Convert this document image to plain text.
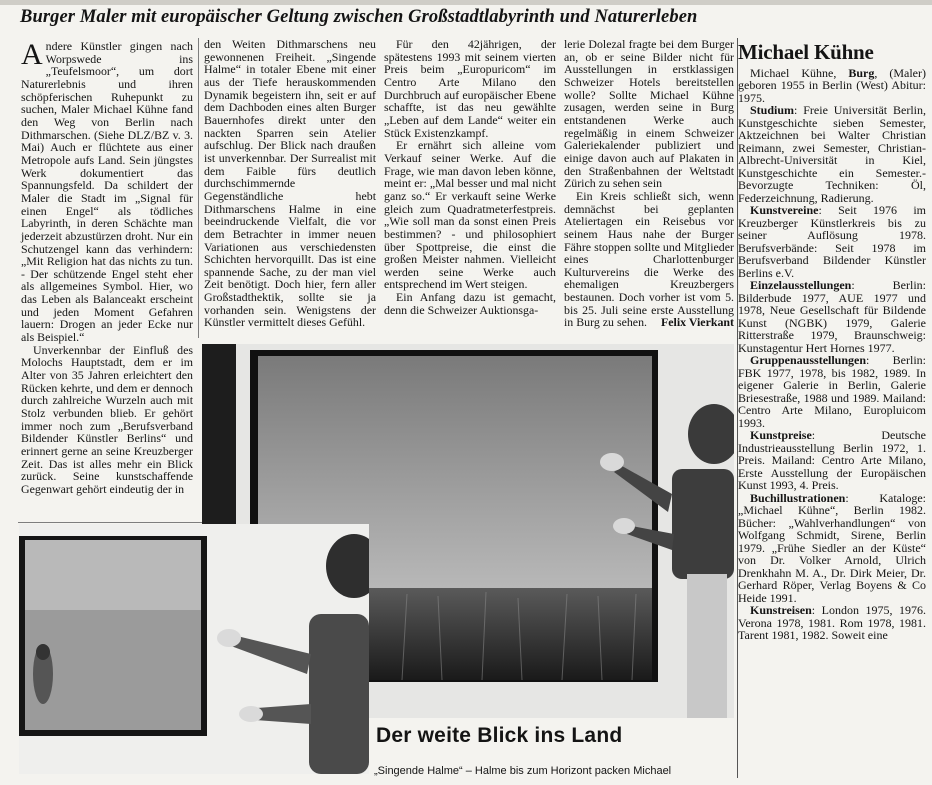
Burger Maler mit europäischer Geltung zwischen Großstadtlabyrinth und Naturerleben

Andere Künstler gingen nach Worpswede ins „Teufelsmoor“, um dort Naturerlebnis und ihren schöpferischen Ruhepunkt zu suchen, Maler Michael Kühne fand den Weg von Berlin nach Dithmarschen. (Siehe DLZ/BZ v. 3. Mai) Auch er flüchtete aus einer Metropole aufs Land. Sein jüngstes Werk dokumentiert das Spannungsfeld. Da schildert der Maler die Stadt im „Signal für einen Engel“ als tödliches Labyrinth, in deren Schächte man jederzeit abzustürzen droht. Nur ein Schutzengel kann das verhindern: „Mit Religion hat das nichts zu tun. - Der schützende Engel steht eher als allgemeines Symbol. Hier, wo das Leben als Balanceakt erscheint und jeden Moment Gefahren lauern: Drogen an jeder Ecke nur als Beispiel.“

Unverkennbar der Einfluß des Molochs Hauptstadt, dem er im Alter von 35 Jahren erleichtert den Rücken kehrte, und dem er dennoch durch zahlreiche Wurzeln auch mit Stolz verbunden blieb. Er gehört immer noch zum „Berufsverband Bildender Künstler Berlins“ und erinnert gerne an seine Kreuzberger Zeit. Das ist alles mehr ein Blick zurück. Seine kunstschaffende Gegenwart gehört eindeutig der in

den Weiten Dithmarschens neu gewonnenen Freiheit. „Singende Halme“ in totaler Ebene mit einer aus der Tiefe herauskommenden Dynamik begeistern ihn, seit er auf dem Dachboden eines alten Burger Bauernhofes direkt unter den nackten Sparren sein Atelier aufschlug. Der Blick nach draußen ist unverkennbar. Der Surrealist mit dem Faible fürs deutlich durchschimmernde Gegenständliche hebt Dithmarschens Halme in eine beeindruckende Vielfalt, die vor dem Betrachter in immer neuen Variationen aus verschiedensten Schichten hervorquillt. Das ist eine spannende Sache, zu der man viel Zeit benötigt. Doch hier, fern aller Großstadthektik, sollte sie ja vorhanden sein. Wenigstens der Künstler vermittelt dieses Gefühl.

Für den 42jährigen, der spätestens 1993 mit seinem vierten Preis beim „Europuricom“ im Centro Arte Milano den Durchbruch auf europäischer Ebene schaffte, ist das neu gewählte „Leben auf dem Lande“ weiter ein Stück Existenzkampf.

Er ernährt sich alleine vom Verkauf seiner Werke. Auf die Frage, wie man davon leben könne, meint er: „Mal besser und mal nicht ganz so.“ Er verkauft seine Werke gleich zum Quadratmeterfestpreis. „Wie soll man da sonst einen Preis bestimmen? - und philosophiert über Spottpreise, die einst die großen Meister nahmen. Vielleicht werden seine Werke auch entsprechend im Wert steigen.

Ein Anfang dazu ist gemacht, denn die Schweizer Auktionsga-

lerie Dolezal fragte bei dem Burger an, ob er seine Bilder nicht für Ausstellungen in erstklassigen Schweizer Hotels bereitstellen wolle? Sollte Michael Kühne zusagen, werden seine in Burg entstandenen Werke auch regelmäßig in einem Schweizer Galeriekalender publiziert und einige davon auch auf Plakaten in den Straßenbahnen der Weltstadt Zürich zu sehen sein

Ein Kreis schließt sich, wenn demnächst bei geplanten Ateliertagen ein Reisebus vor seinem Haus nahe der Burger Fähre stoppen sollte und Mitglieder eines Charlottenburger Kulturvereins die Werke des ehemaligen Kreuzbergers bestaunen. Doch vorher ist vom 5. bis 25. Juli seine erste Ausstellung in Burg zu sehen.	Felix Vierkant

Michael Kühne

Michael Kühne, Burg, (Maler) geboren 1955 in Berlin (West) Abitur: 1975.

Studium: Freie Universität Berlin, Kunstgeschichte sieben Semester, Aktzeichnen bei Walter Christian Reimann, zwei Semester, Christian-Albrecht-Universität in Kiel, Kunstgeschichte ein Semester.- Bevorzugte Techniken: Öl, Federzeichnung, Radierung.

Kunstvereine: Seit 1976 im Kreuzberger Künstlerkreis bis zu seiner Auflösung 1978. Berufsverbände: Seit 1978 im Berufsverband Bildender Künstler Berlins e.V.

Einzelausstellungen: Berlin: Bilderbude 1977, AUE 1977 und 1978, Neue Gesellschaft für Bildende Kunst (NGBK) 1979, Galerie Ritterstraße 1979, Braunschweig: Kunstagentur Hert Hornes 1977.

Gruppenausstellungen: Berlin: FBK 1977, 1978, bis 1982, 1989. In eigener Galerie in Berlin, Galerie Briesestraße, 1988 und 1989. Mailand: Centro Arte Milano, Europluicom 1993.

Kunstpreise: Deutsche Industrieausstellung Berlin 1972, 1. Preis. Mailand: Centro Arte Milano, Erste Ausstellung der Europäischen Kunst 1993, 4. Preis.

Buchillustrationen: Kataloge: „Michael Kühne“, Berlin 1982. Bücher: „Wahlverhandlungen“ von Wolfgang Schmidt, Sirene, Berlin 1979. „Frühe Siedler an der Küste“ von Dr. Volker Arnold, Ulrich Drenkhahn M. A., Dr. Dirk Meier, Dr. Gerhard Röper, Verlag Boyens & Co Heide 1991.

Kunstreisen: London 1975, 1976. Verona 1978, 1981. Rom 1978, 1981. Tarent 1981, 1982. Soweit eine

Der weite Blick ins Land
„Singende Halme“ – Halme bis zum Horizont packen Michael
